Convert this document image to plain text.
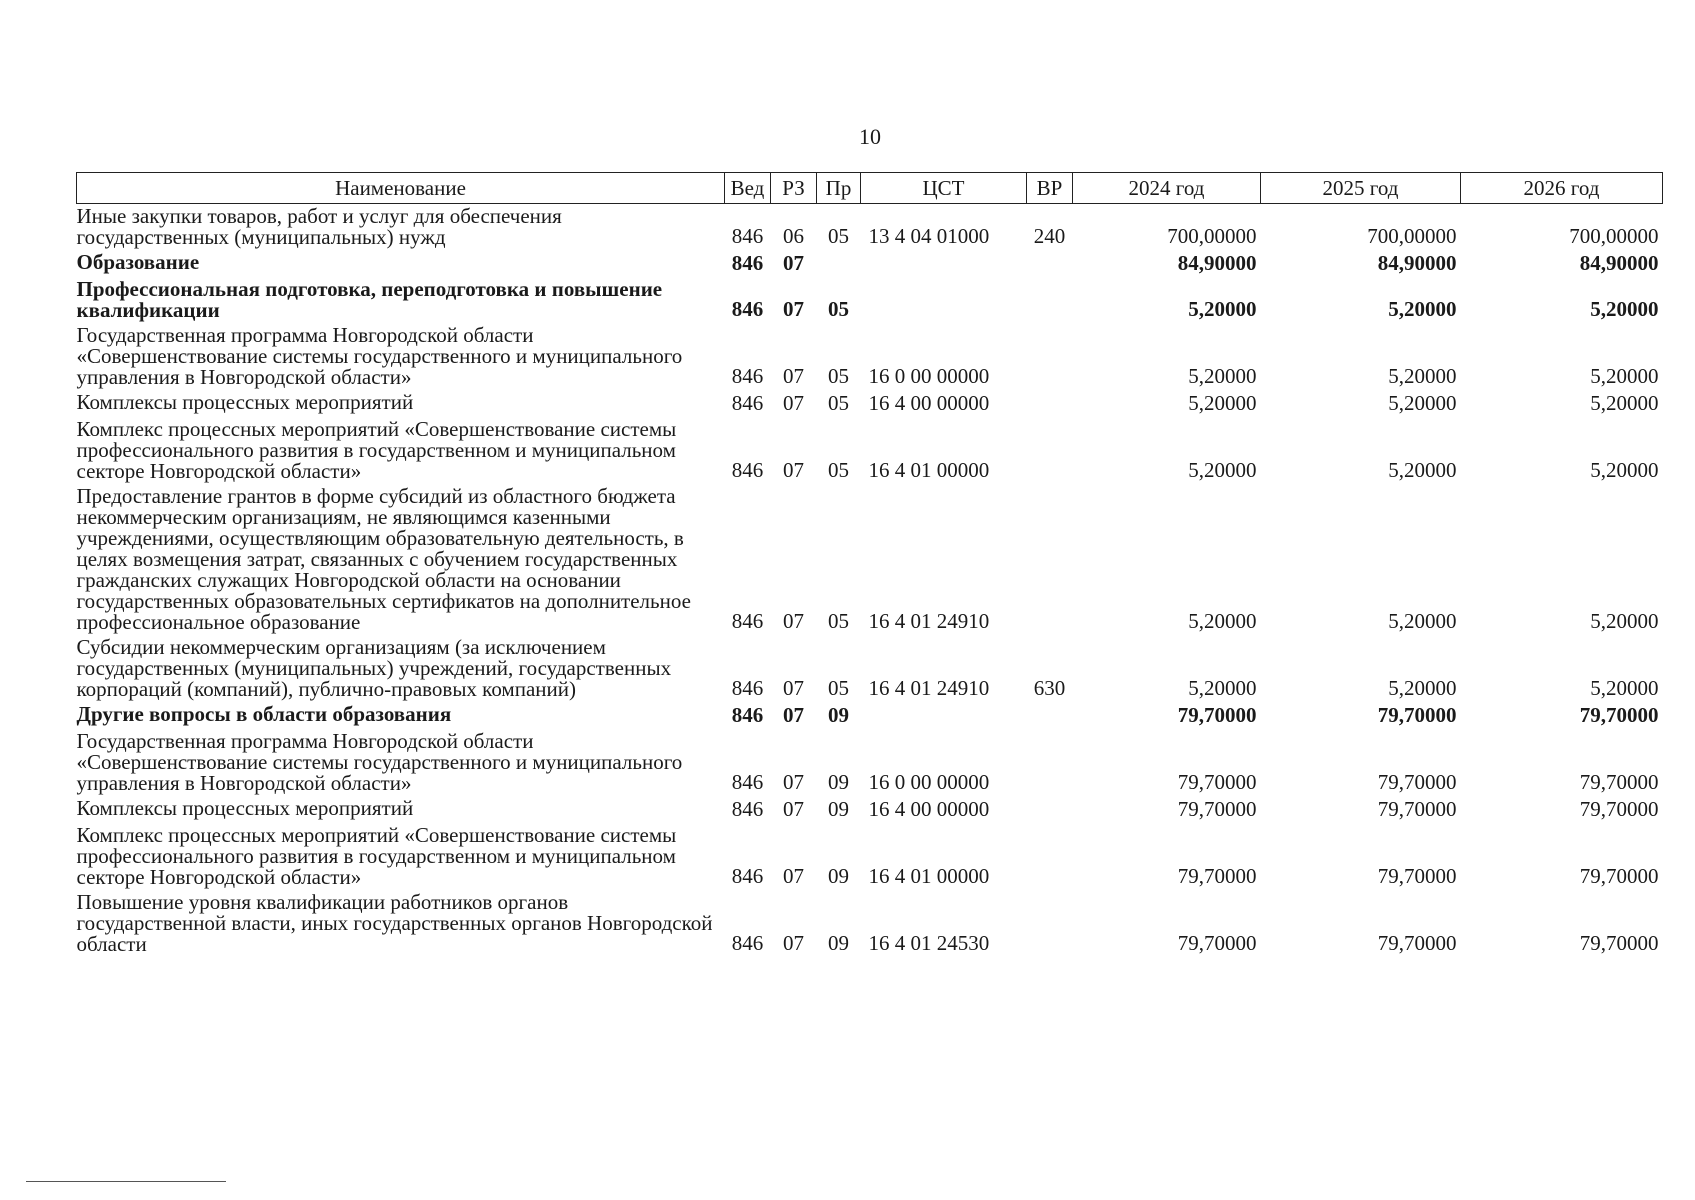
10
Наименование	Вед	РЗ	Пр	ЦСТ	ВР	2024 год	2025 год	2026 год
Иные закупки товаров, работ и услуг для обеспечения государственных (муниципальных) нужд	846	06	05	13 4 04 01000	240	700,00000	700,00000	700,00000
Образование	846	07				84,90000	84,90000	84,90000
Профессиональная подготовка, переподготовка и повышение квалификации	846	07	05			5,20000	5,20000	5,20000
Государственная программа Новгородской области «Совершенствование системы государственного и муниципального управления в Новгородской области»	846	07	05	16 0 00 00000		5,20000	5,20000	5,20000
Комплексы процессных мероприятий	846	07	05	16 4 00 00000		5,20000	5,20000	5,20000
Комплекс процессных мероприятий «Совершенствование системы профессионального развития в государственном и муниципальном секторе Новгородской области»	846	07	05	16 4 01 00000		5,20000	5,20000	5,20000
Предоставление грантов в форме субсидий из областного бюджета некоммерческим организациям, не являющимся казенными учреждениями, осуществляющим образовательную деятельность, в целях возмещения затрат, связанных с обучением государственных гражданских служащих Новгородской области на основании государственных образовательных сертификатов на дополнительное профессиональное образование	846	07	05	16 4 01 24910		5,20000	5,20000	5,20000
Субсидии некоммерческим организациям (за исключением государственных (муниципальных) учреждений, государственных корпораций (компаний), публично-правовых компаний)	846	07	05	16 4 01 24910	630	5,20000	5,20000	5,20000
Другие вопросы в области образования	846	07	09			79,70000	79,70000	79,70000
Государственная программа Новгородской области «Совершенствование системы государственного и муниципального управления в Новгородской области»	846	07	09	16 0 00 00000		79,70000	79,70000	79,70000
Комплексы процессных мероприятий	846	07	09	16 4 00 00000		79,70000	79,70000	79,70000
Комплекс процессных мероприятий «Совершенствование системы профессионального развития в государственном и муниципальном секторе Новгородской области»	846	07	09	16 4 01 00000		79,70000	79,70000	79,70000
Повышение уровня квалификации работников органов государственной власти, иных государственных органов Новгородской области	846	07	09	16 4 01 24530		79,70000	79,70000	79,70000
